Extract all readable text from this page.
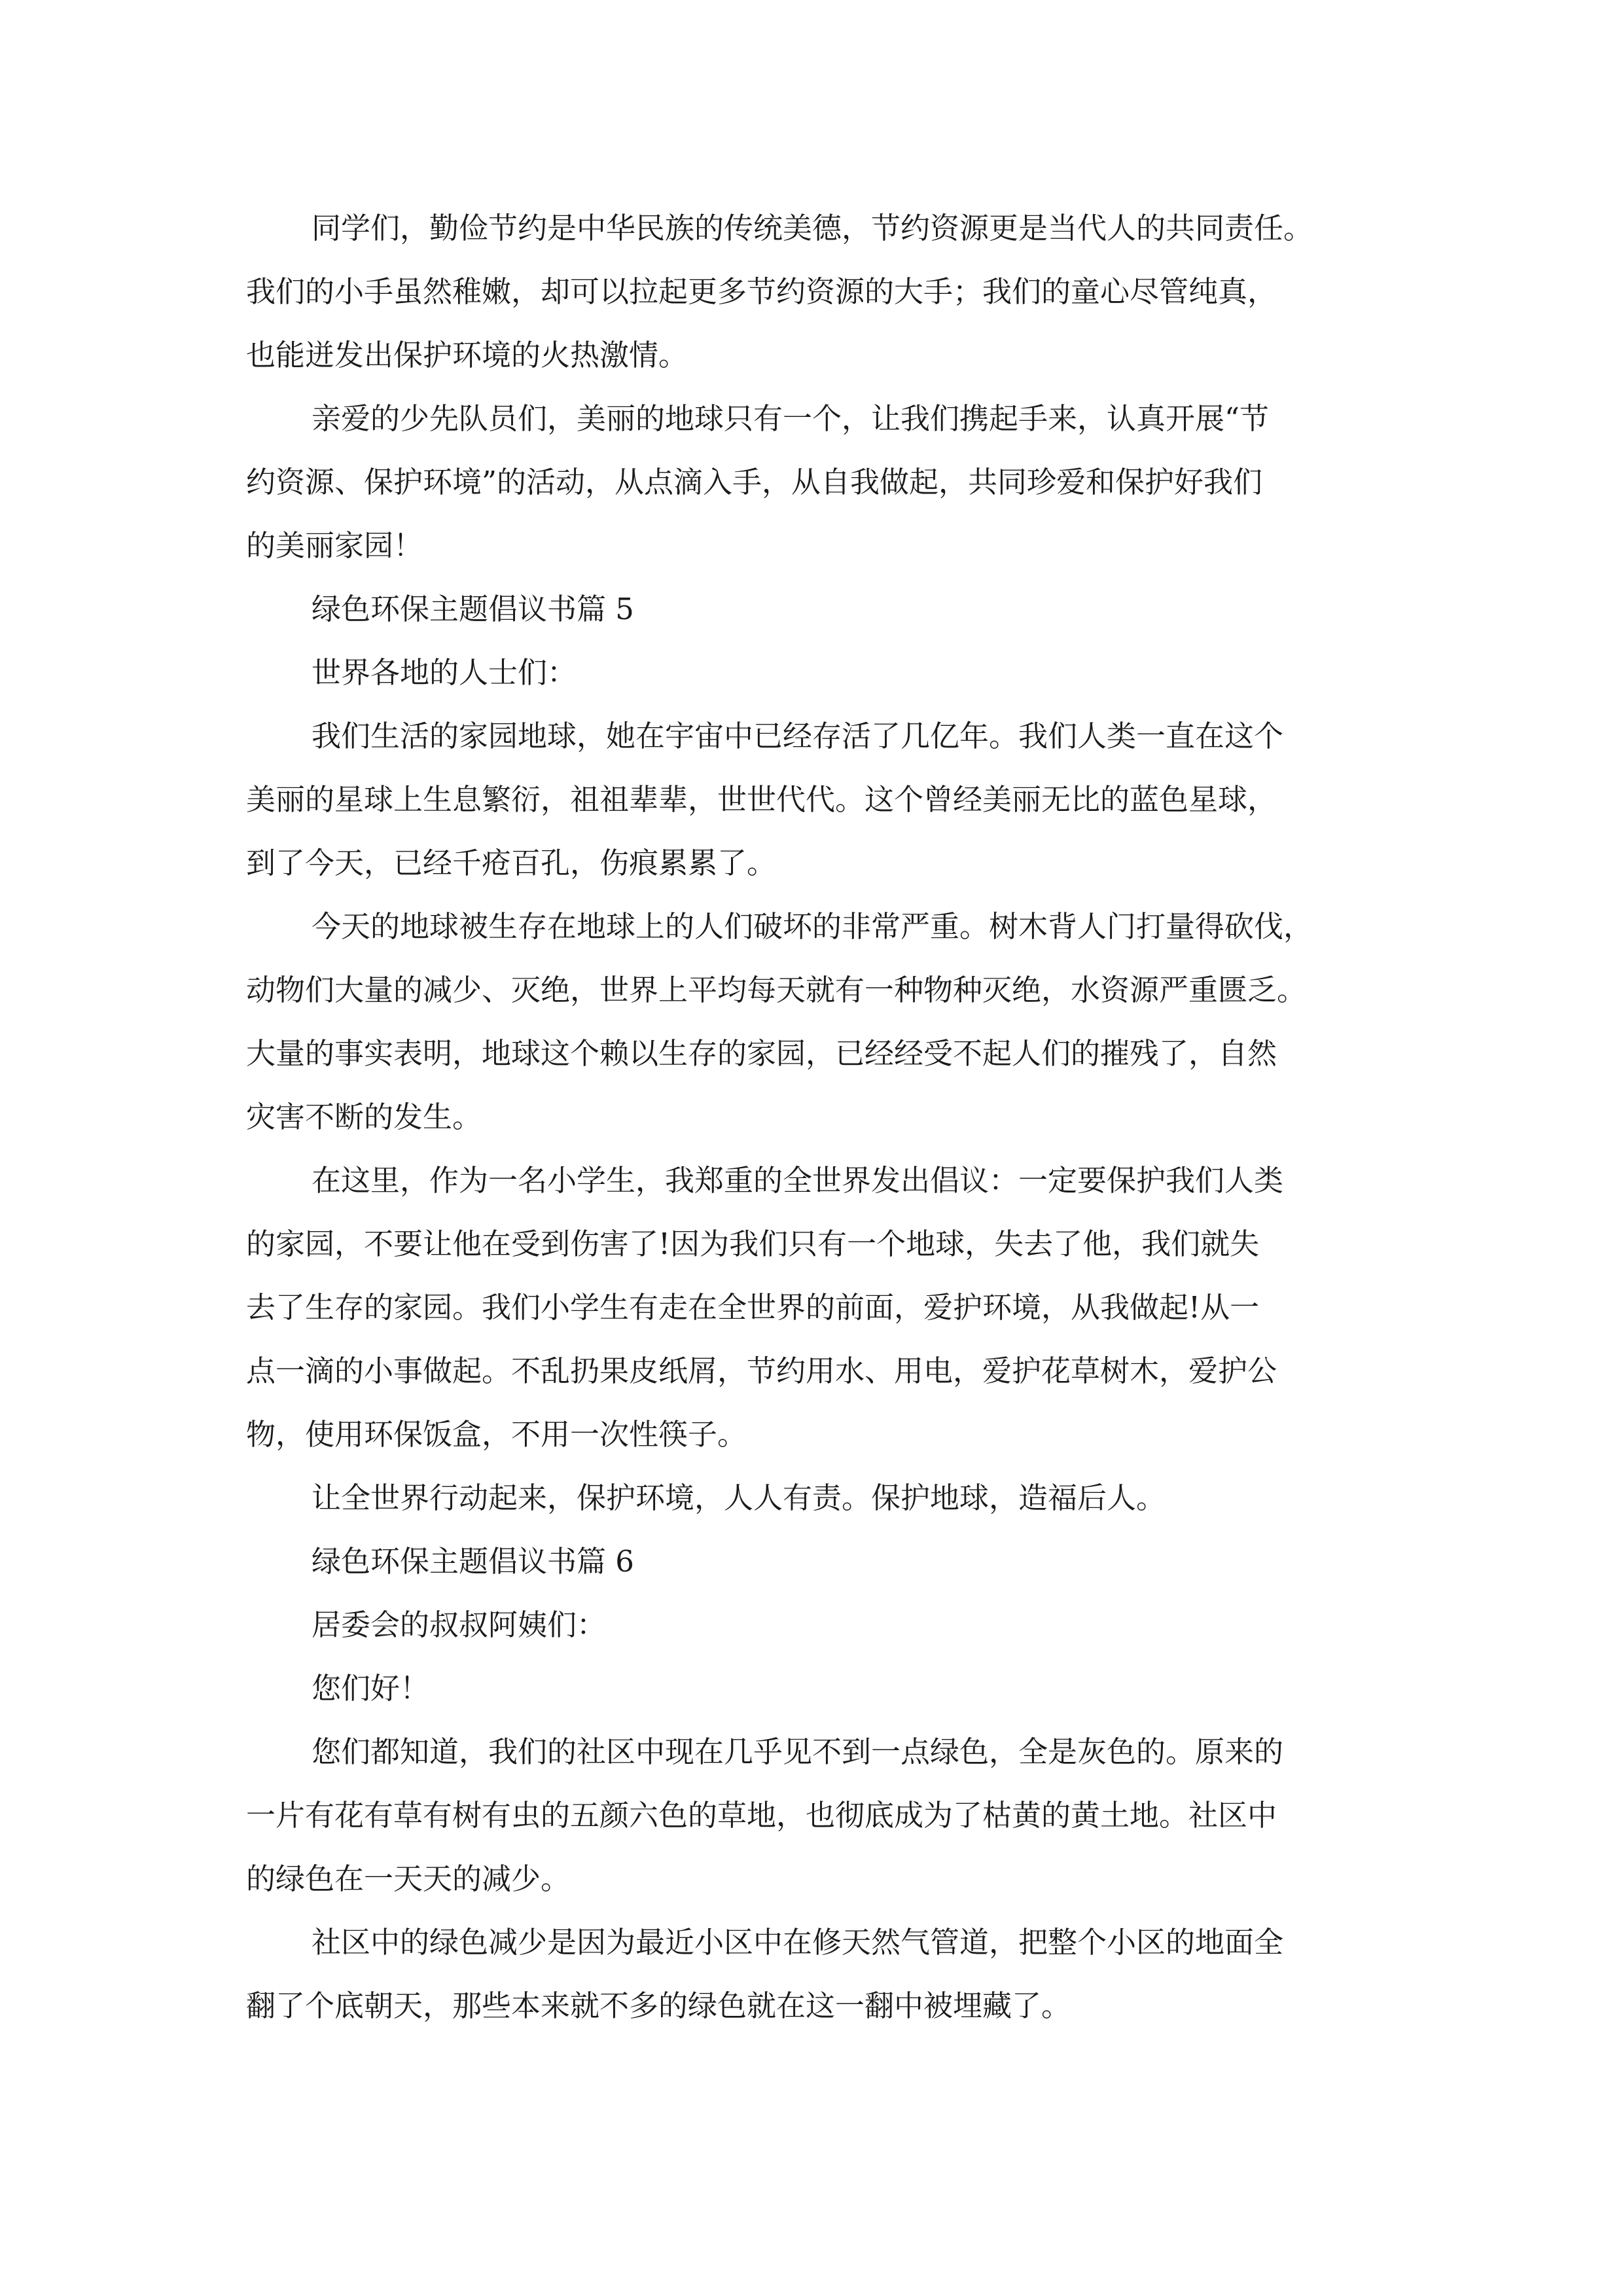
同学们，勤俭节约是中华民族的传统美德，节约资源更是当代人的共同责任。
我们的小手虽然稚嫩，却可以拉起更多节约资源的大手；我们的童心尽管纯真，
也能迸发出保护环境的火热激情。
亲爱的少先队员们，美丽的地球只有一个，让我们携起手来，认真开展“节
约资源、保护环境”的活动，从点滴入手，从自我做起，共同珍爱和保护好我们
的美丽家园！
绿色环保主题倡议书篇 5
世界各地的人士们：
我们生活的家园地球，她在宇宙中已经存活了几亿年。我们人类一直在这个
美丽的星球上生息繁衍，祖祖辈辈，世世代代。这个曾经美丽无比的蓝色星球，
到了今天，已经千疮百孔，伤痕累累了。
今天的地球被生存在地球上的人们破坏的非常严重。树木背人门打量得砍伐，
动物们大量的减少、灭绝，世界上平均每天就有一种物种灭绝，水资源严重匮乏。
大量的事实表明，地球这个赖以生存的家园，已经经受不起人们的摧残了，自然
灾害不断的发生。
在这里，作为一名小学生，我郑重的全世界发出倡议：一定要保护我们人类
的家园，不要让他在受到伤害了!因为我们只有一个地球，失去了他，我们就失
去了生存的家园。我们小学生有走在全世界的前面，爱护环境，从我做起!从一
点一滴的小事做起。不乱扔果皮纸屑，节约用水、用电，爱护花草树木，爱护公
物，使用环保饭盒，不用一次性筷子。
让全世界行动起来，保护环境，人人有责。保护地球，造福后人。
绿色环保主题倡议书篇 6
居委会的叔叔阿姨们：
您们好！
您们都知道，我们的社区中现在几乎见不到一点绿色，全是灰色的。原来的
一片有花有草有树有虫的五颜六色的草地，也彻底成为了枯黄的黄土地。社区中
的绿色在一天天的减少。
社区中的绿色减少是因为最近小区中在修天然气管道，把整个小区的地面全
翻了个底朝天，那些本来就不多的绿色就在这一翻中被埋藏了。
